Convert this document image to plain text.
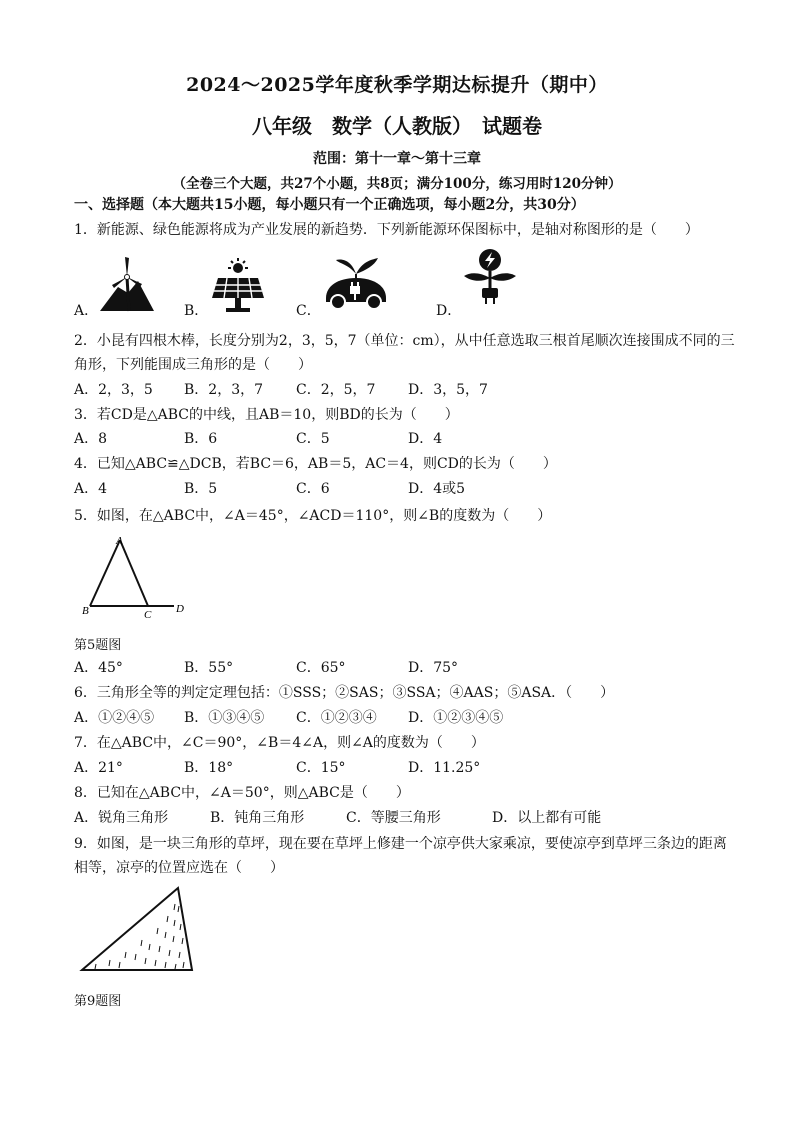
2024～2025学年度秋季学期达标提升（期中）
八年级　数学（人教版）　试题卷
范围：第十一章～第十三章
（全卷三个大题，共27个小题，共8页；满分100分，练习用时120分钟）
一、选择题（本大题共15小题，每小题只有一个正确选项，每小题2分，共30分）
1．新能源、绿色能源将成为产业发展的新趋势．下列新能源环保图标中，是轴对称图形的是（　　）
A．	B．	C．	D．
2．小昆有四根木棒，长度分别为2，3，5，7（单位：cm），从中任意选取三根首尾顺次连接围成不同的三
角形，下列能围成三角形的是（　　）
A．2，3，5 B．2，3，7 C．2，5，7 D．3，5，7
3．若CD是△ABC的中线，且AB＝10，则BD的长为（　　）
A．8	B．6	C．5	D．4
4．已知△ABC≌△DCB，若BC＝6，AB＝5，AC＝4，则CD的长为（　　）
A．4	B．5	C．6	D．4或5
5．如图，在△ABC中，∠A＝45°，∠ACD＝110°，则∠B的度数为（　　）
A
B	C D
第5题图
A．45°	B．55°	C．65°	D．75°
6．三角形全等的判定定理包括：①SSS；②SAS；③SSA；④AAS；⑤ASA．（　　）
A．①②④⑤ B．①③④⑤ C．①②③④ D．①②③④⑤
7．在△ABC中，∠C＝90°，∠B＝4∠A，则∠A的度数为（　　）
A．21°	B．18°	C．15°	D．11.25°
8．已知在△ABC中，∠A＝50°，则△ABC是（　　）
A．锐角三角形	B．钝角三角形	C．等腰三角形	D．以上都有可能
9．如图，是一块三角形的草坪，现在要在草坪上修建一个凉亭供大家乘凉，要使凉亭到草坪三条边的距离
相等，凉亭的位置应选在（　　）
第9题图
